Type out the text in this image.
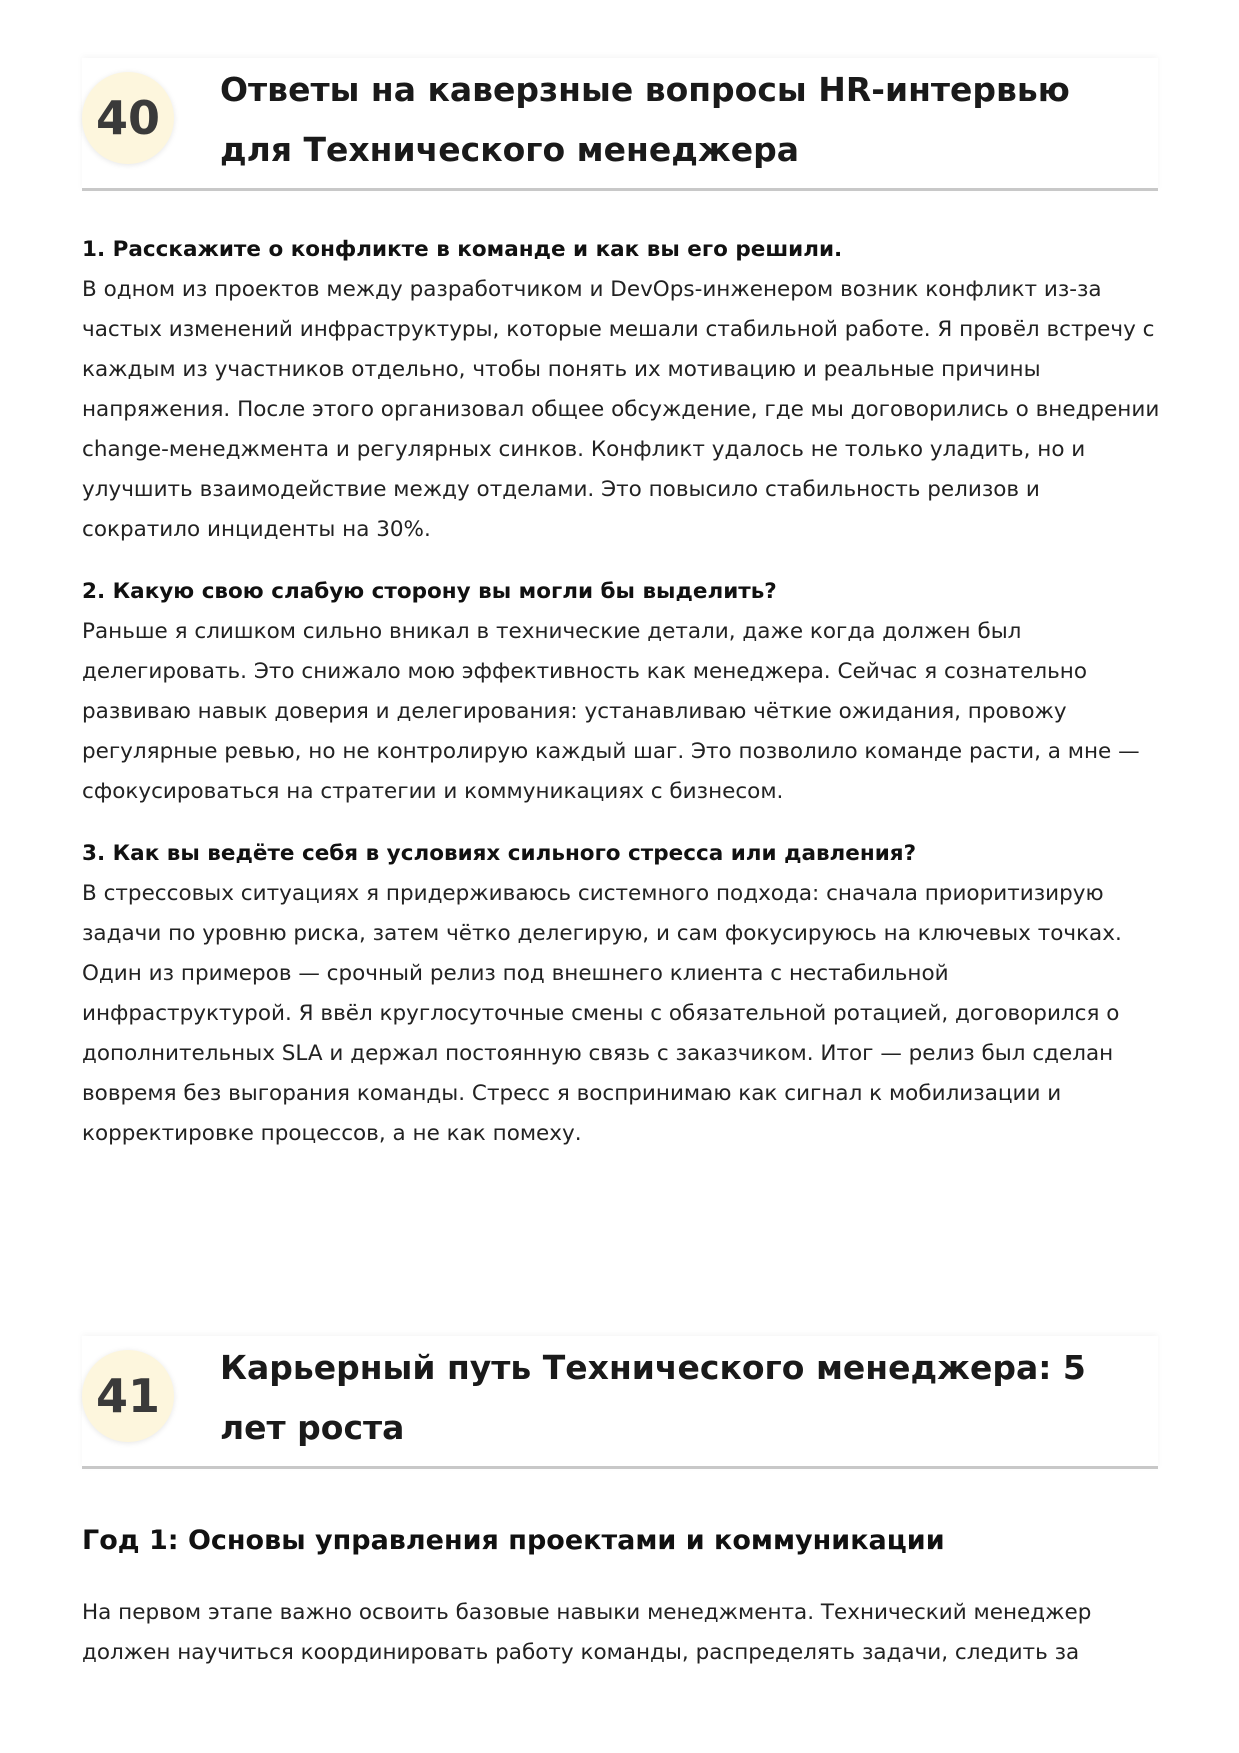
40
Ответы на каверзные вопросы HR-интервью для Технического менеджера

1. Расскажите о конфликте в команде и как вы его решили.

В одном из проектов между разработчиком и DevOps-инженером возник конфликт из-за частых изменений инфраструктуры, которые мешали стабильной работе. Я провёл встречу с каждым из участников отдельно, чтобы понять их мотивацию и реальные причины напряжения. После этого организовал общее обсуждение, где мы договорились о внедрении change-менеджмента и регулярных синков. Конфликт удалось не только уладить, но и улучшить взаимодействие между отделами. Это повысило стабильность релизов и сократило инциденты на 30%.

2. Какую свою слабую сторону вы могли бы выделить?

Раньше я слишком сильно вникал в технические детали, даже когда должен был делегировать. Это снижало мою эффективность как менеджера. Сейчас я сознательно развиваю навык доверия и делегирования: устанавливаю чёткие ожидания, провожу регулярные ревью, но не контролирую каждый шаг. Это позволило команде расти, а мне — сфокусироваться на стратегии и коммуникациях с бизнесом.

3. Как вы ведёте себя в условиях сильного стресса или давления?

В стрессовых ситуациях я придерживаюсь системного подхода: сначала приоритизирую задачи по уровню риска, затем чётко делегирую, и сам фокусируюсь на ключевых точках. Один из примеров — срочный релиз под внешнего клиента с нестабильной инфраструктурой. Я ввёл круглосуточные смены с обязательной ротацией, договорился о дополнительных SLA и держал постоянную связь с заказчиком. Итог — релиз был сделан вовремя без выгорания команды. Стресс я воспринимаю как сигнал к мобилизации и корректировке процессов, а не как помеху.

41
Карьерный путь Технического менеджера: 5 лет роста
Год 1: Основы управления проектами и коммуникации

На первом этапе важно освоить базовые навыки менеджмента. Технический менеджер должен научиться координировать работу команды, распределять задачи, следить за
